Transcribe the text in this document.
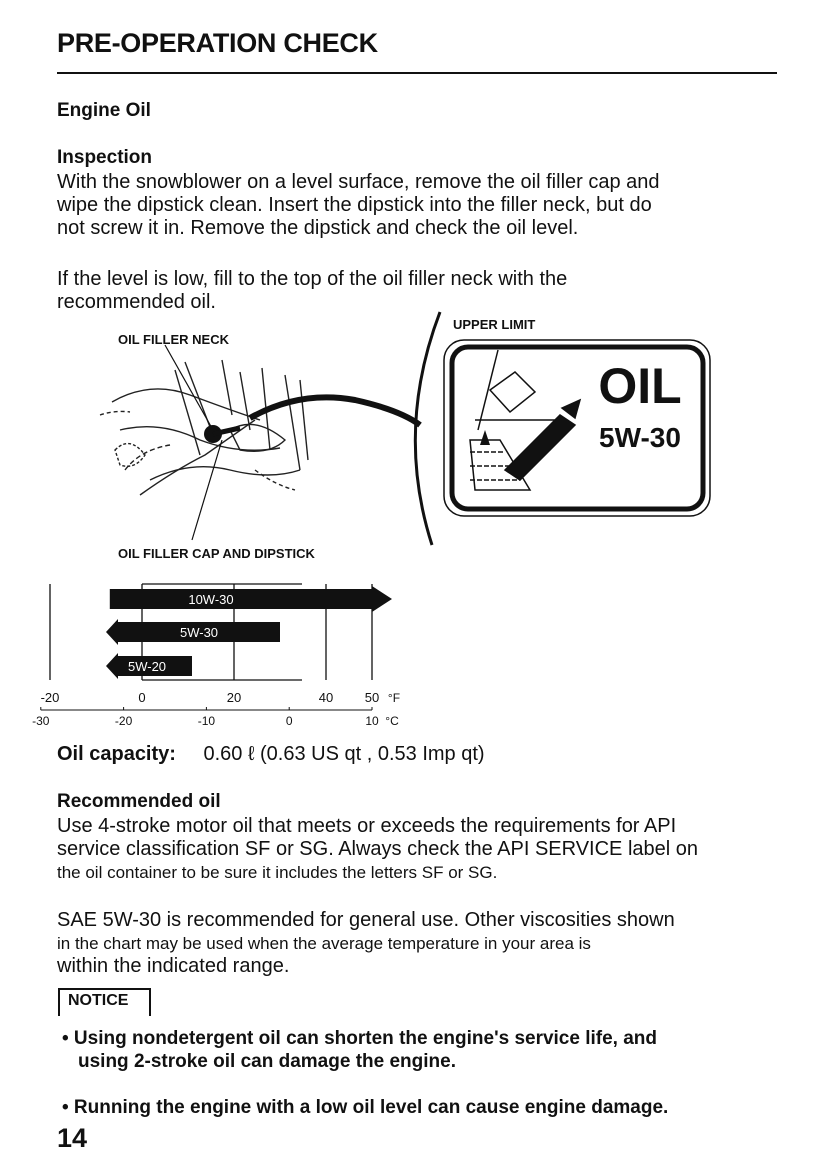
PRE-OPERATION CHECK
Engine Oil
Inspection
With the snowblower on a level surface, remove the oil filler cap and
wipe the dipstick clean. Insert the dipstick into the filler neck, but do
not screw it in. Remove the dipstick and check the oil level.
If the level is low, fill to the top of the oil filler neck with the
recommended oil.
OIL
5W-30
UPPER LIMIT
OIL FILLER NECK
OIL FILLER CAP AND DIPSTICK
10W-30
5W-30
5W-20
-20	0	20	40 50 °F
-30	-20	-10	0	10 °C
Oil capacity: 0.60 ℓ (0.63 US qt , 0.53 Imp qt)
Recommended oil
Use 4-stroke motor oil that meets or exceeds the requirements for API
service classification SF or SG. Always check the API SERVICE label on
the oil container to be sure it includes the letters SF or SG.
SAE 5W-30 is recommended for general use. Other viscosities shown
in the chart may be used when the average temperature in your area is
within the indicated range.
NOTICE
• Using nondetergent oil can shorten the engine's service life, and
using 2-stroke oil can damage the engine.
• Running the engine with a low oil level can cause engine damage.
14
